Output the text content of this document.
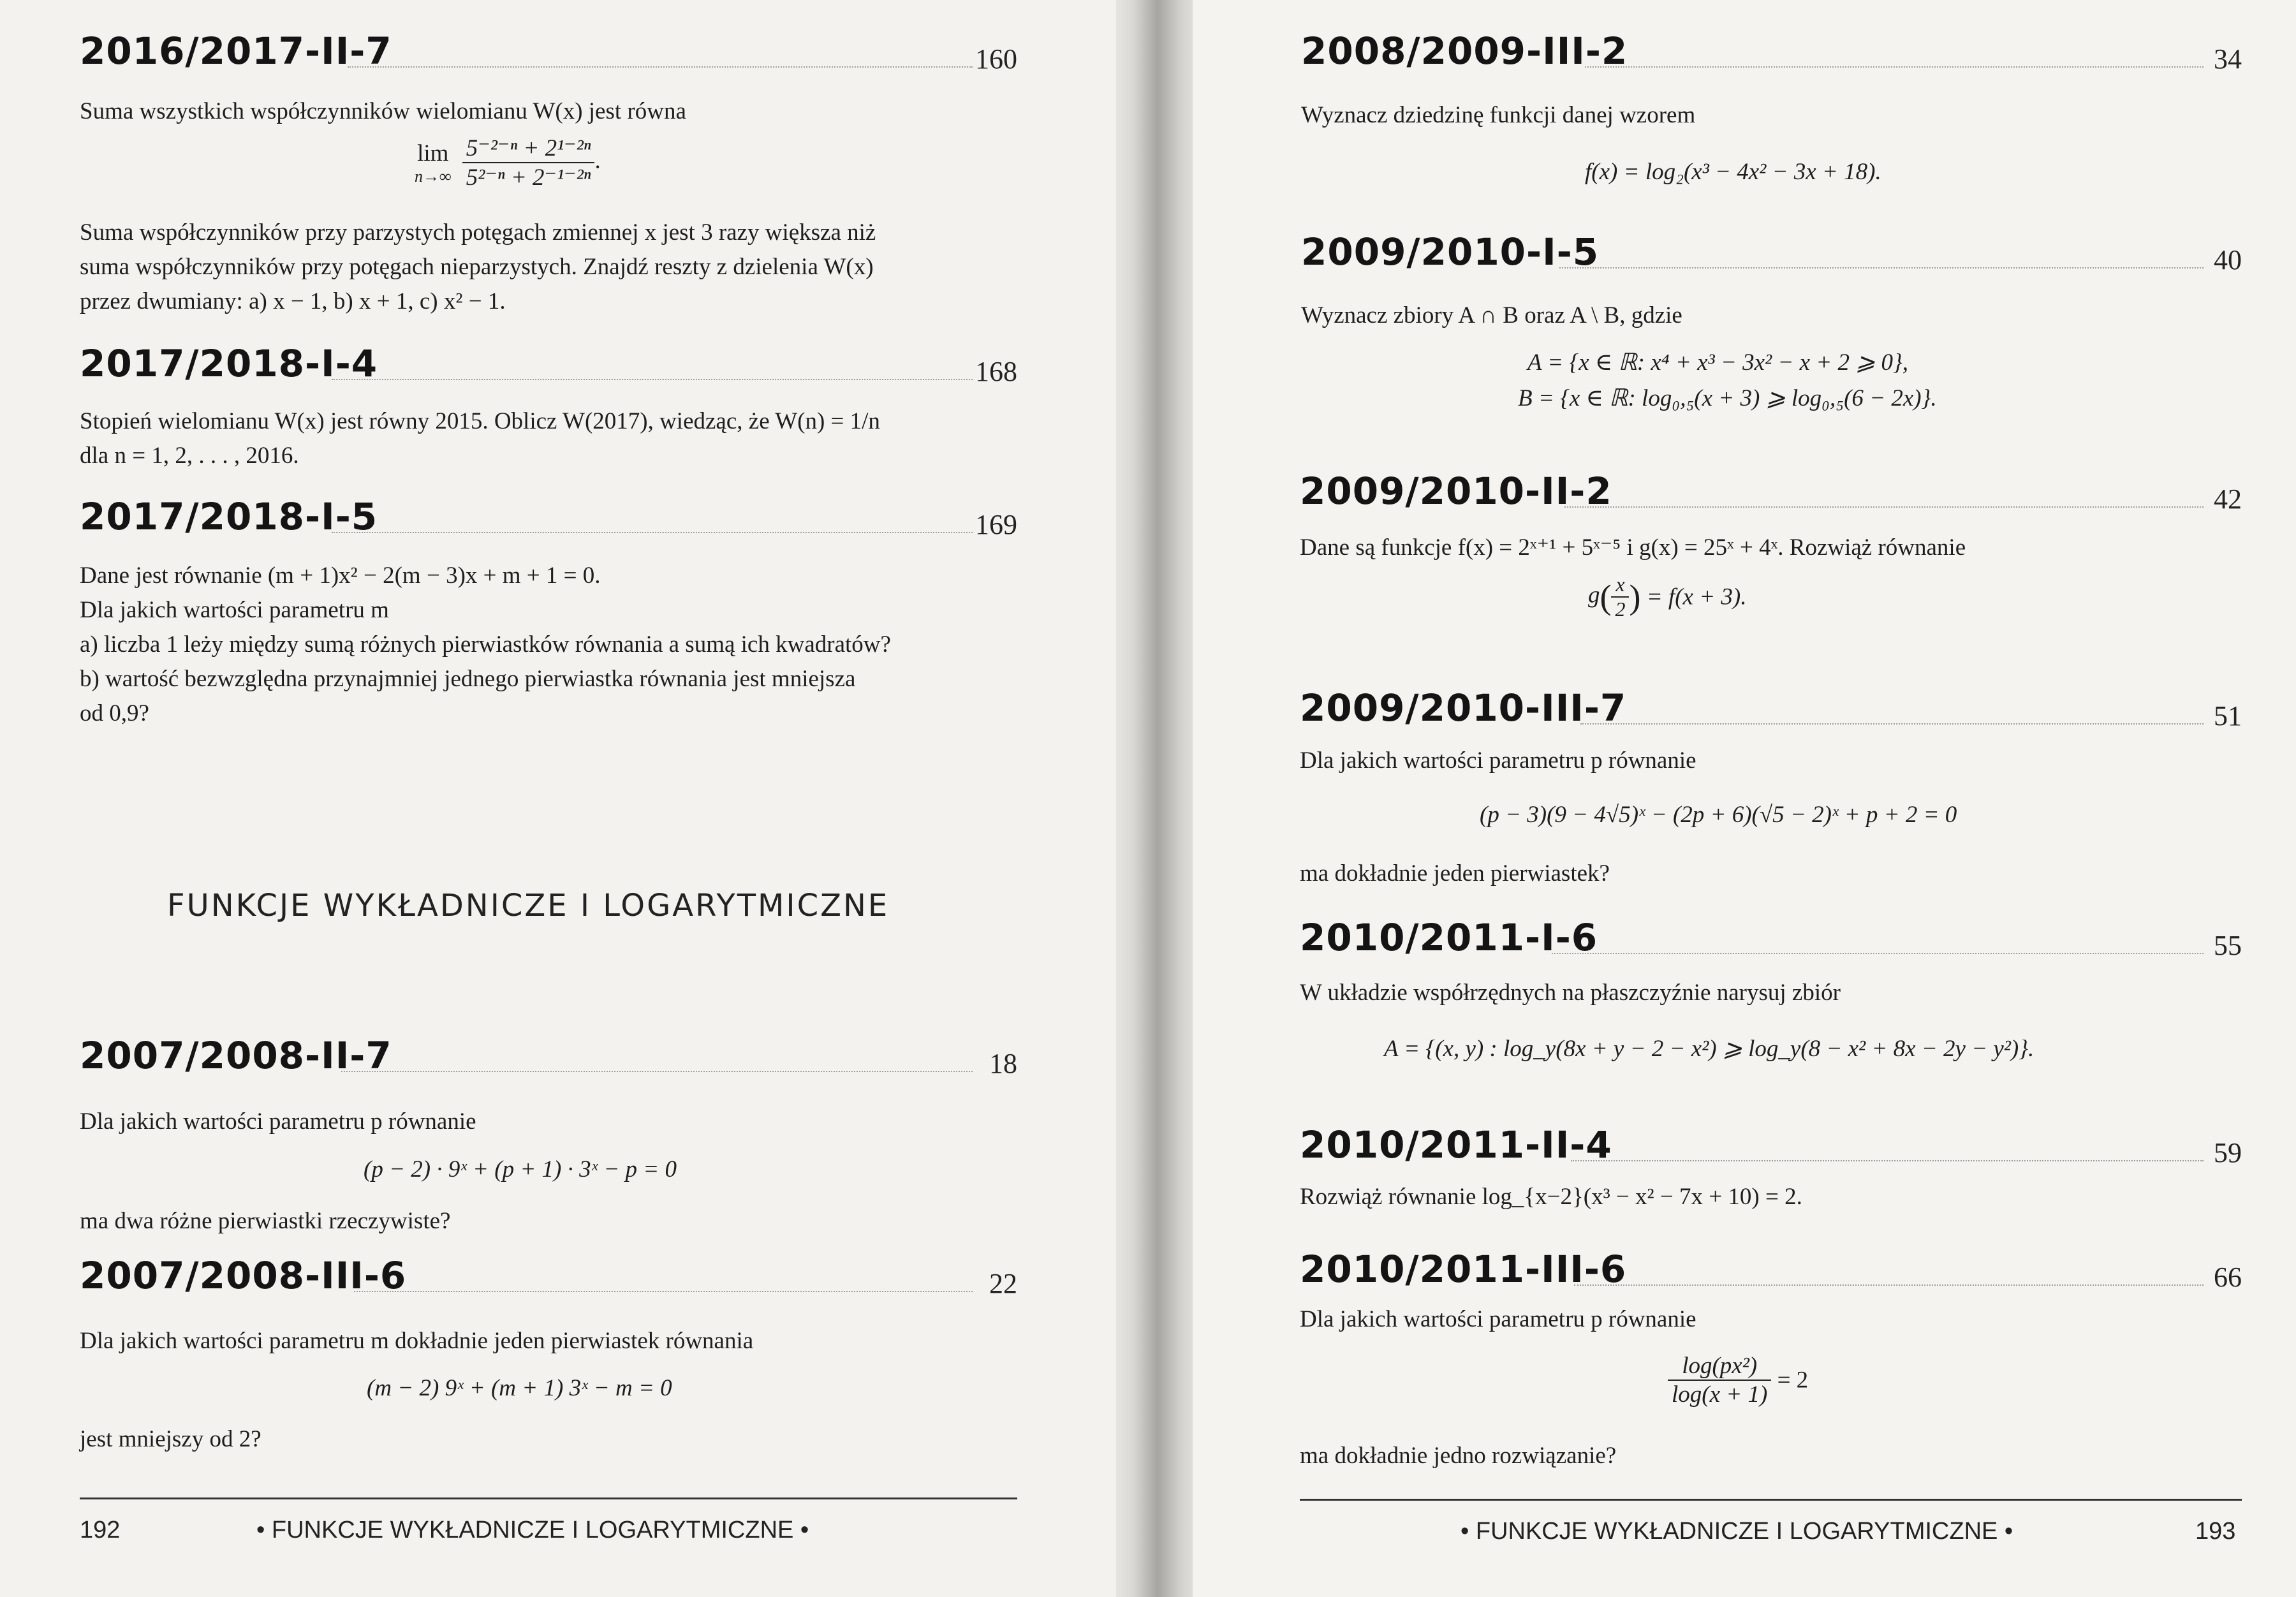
2016/2017-II-7	160
Suma wszystkich współczynników wielomianu W(x) jest równa
lim
n→∞
$\frac{\text{5⁻²⁻ⁿ + 2¹⁻²ⁿ}}{\text{5²⁻ⁿ + 2⁻¹⁻²ⁿ}}$ .
Suma współczynników przy parzystych potęgach zmiennej x jest 3 razy większa niż
suma współczynników przy potęgach nieparzystych. Znajdź reszty z dzielenia W(x)
przez dwumiany: a) x − 1, b) x + 1, c) x² − 1.
2017/2018-I-4	168
Stopień wielomianu W(x) jest równy 2015. Oblicz W(2017), wiedząc, że W(n) = 1/n
dla n = 1, 2, . . . , 2016.
2017/2018-I-5	169
Dane jest równanie (m + 1)x² − 2(m − 3)x + m + 1 = 0.
Dla jakich wartości parametru m
a) liczba 1 leży między sumą różnych pierwiastków równania a sumą ich kwadratów?
b) wartość bezwzględna przynajmniej jednego pierwiastka równania jest mniejsza
od 0,9?
FUNKCJE WYKŁADNICZE I LOGARYTMICZNE
2007/2008-II-7	18
Dla jakich wartości parametru p równanie
(p − 2) · 9ˣ + (p + 1) · 3ˣ − p = 0
ma dwa różne pierwiastki rzeczywiste?
2007/2008-III-6	22
Dla jakich wartości parametru m dokładnie jeden pierwiastek równania
(m − 2) 9ˣ + (m + 1) 3ˣ − m = 0
jest mniejszy od 2?
192	• FUNKCJE WYKŁADNICZE I LOGARYTMICZNE •
2008/2009-III-2	34
Wyznacz dziedzinę funkcji danej wzorem
f(x) = log₂(x³ − 4x² − 3x + 18).
2009/2010-I-5	40
Wyznacz zbiory A ∩ B oraz A \ B, gdzie
A = {x ∈ ℝ: x⁴ + x³ − 3x² − x + 2 ⩾ 0},
B = {x ∈ ℝ: log₀,₅(x + 3) ⩾ log₀,₅(6 − 2x)}.
2009/2010-II-2	42
Dane są funkcje f(x) = 2ˣ⁺¹ + 5ˣ⁻⁵ i g(x) = 25ˣ + 4ˣ. Rozwiąż równanie
$g( \frac{x}{2}$ ) = f(x + 3).
2009/2010-III-7	51
Dla jakich wartości parametru p równanie
(p − 3)(9 − 4√5)ˣ − (2p + 6)(√5 − 2)ˣ + p + 2 = 0
ma dokładnie jeden pierwiastek?
2010/2011-I-6	55
W układzie współrzędnych na płaszczyźnie narysuj zbiór
A = {(x, y) : log_y(8x + y − 2 − x²) ⩾ log_y(8 − x² + 8x − 2y − y²)}.
2010/2011-II-4	59
Rozwiąż równanie log_{x−2}(x³ − x² − 7x + 10) = 2.
2010/2011-III-6	66
Dla jakich wartości parametru p równanie
$\frac{\text{log(px²)}}{\log(x + 1)} = 2$
ma dokładnie jedno rozwiązanie?
• FUNKCJE WYKŁADNICZE I LOGARYTMICZNE •	193
